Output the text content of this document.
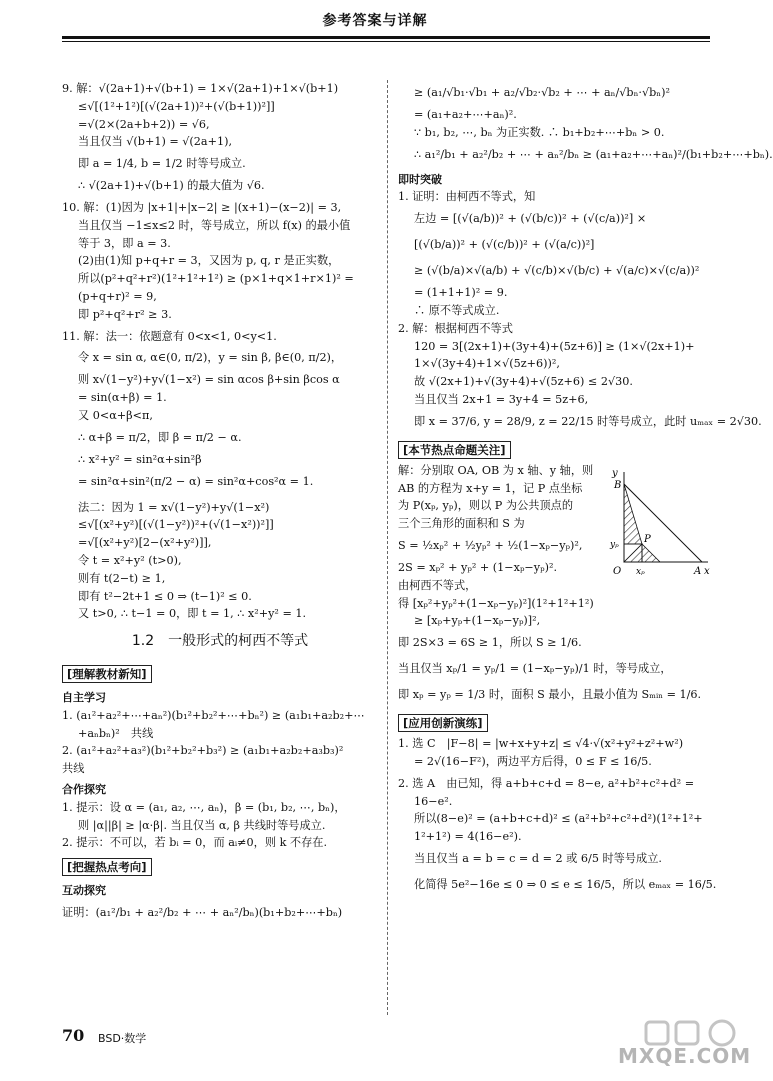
参考答案与详解
9. 解：√(2a+1)+√(b+1) = 1×√(2a+1)+1×√(b+1)
≤√[(1²+1²)[(√(2a+1))²+(√(b+1))²]]
=√(2×(2a+b+2)) = √6,
当且仅当 √(b+1) = √(2a+1),
即 a = 1/4, b = 1/2 时等号成立.
∴ √(2a+1)+√(b+1) 的最大值为 √6.
10. 解：(1)因为 |x+1|+|x−2| ≥ |(x+1)−(x−2)| = 3,
当且仅当 −1≤x≤2 时，等号成立，所以 f(x) 的最小值
等于 3，即 a = 3.
(2)由(1)知 p+q+r = 3，又因为 p, q, r 是正实数，
所以(p²+q²+r²)(1²+1²+1²) ≥ (p×1+q×1+r×1)² =
(p+q+r)² = 9,
即 p²+q²+r² ≥ 3.
11. 解：法一：依题意有 0<x<1, 0<y<1.
令 x = sin α, α∈(0, π/2)，y = sin β, β∈(0, π/2)，
则 x√(1−y²)+y√(1−x²) = sin αcos β+sin βcos α
= sin(α+β) = 1.
又 0<α+β<π,
∴ α+β = π/2，即 β = π/2 − α.
∴ x²+y² = sin²α+sin²β
= sin²α+sin²(π/2 − α) = sin²α+cos²α = 1.
法二：因为 1 = x√(1−y²)+y√(1−x²)
≤√[(x²+y²)[(√(1−y²))²+(√(1−x²))²]]
=√[(x²+y²)[2−(x²+y²)]],
令 t = x²+y² (t>0),
则有 t(2−t) ≥ 1,
即有 t²−2t+1 ≤ 0 ⇒ (t−1)² ≤ 0.
又 t>0, ∴ t−1 = 0，即 t = 1, ∴ x²+y² = 1.
1.2　一般形式的柯西不等式
[理解教材新知]
自主学习
1. (a₁²+a₂²+⋯+aₙ²)(b₁²+b₂²+⋯+bₙ²) ≥ (a₁b₁+a₂b₂+⋯
+aₙbₙ)²　共线
2. (a₁²+a₂²+a₃²)(b₁²+b₂²+b₃²) ≥ (a₁b₁+a₂b₂+a₃b₃)²
共线
合作探究
1. 提示：设 α = (a₁, a₂, ⋯, aₙ)，β = (b₁, b₂, ⋯, bₙ)，
则 |α||β| ≥ |α·β|. 当且仅当 α, β 共线时等号成立.
2. 提示：不可以，若 bᵢ = 0，而 aᵢ≠0，则 k 不存在.
[把握热点考向]
互动探究
证明：(a₁²/b₁ + a₂²/b₂ + ⋯ + aₙ²/bₙ)(b₁+b₂+⋯+bₙ)
≥ (a₁/√b₁·√b₁ + a₂/√b₂·√b₂ + ⋯ + aₙ/√bₙ·√bₙ)²
= (a₁+a₂+⋯+aₙ)².
∵ b₁, b₂, ⋯, bₙ 为正实数. ∴ b₁+b₂+⋯+bₙ > 0.
∴ a₁²/b₁ + a₂²/b₂ + ⋯ + aₙ²/bₙ ≥ (a₁+a₂+⋯+aₙ)²/(b₁+b₂+⋯+bₙ).
即时突破
1. 证明：由柯西不等式，知
左边 = [(√(a/b))² + (√(b/c))² + (√(c/a))²] ×
[(√(b/a))² + (√(c/b))² + (√(a/c))²]
≥ (√(b/a)×√(a/b) + √(c/b)×√(b/c) + √(a/c)×√(c/a))²
= (1+1+1)² = 9.
∴ 原不等式成立.
2. 解：根据柯西不等式
120 = 3[(2x+1)+(3y+4)+(5z+6)] ≥ (1×√(2x+1)+
1×√(3y+4)+1×√(5z+6))²,
故 √(2x+1)+√(3y+4)+√(5z+6) ≤ 2√30.
当且仅当 2x+1 = 3y+4 = 5z+6,
即 x = 37/6, y = 28/9, z = 22/15 时等号成立，此时 uₘₐₓ = 2√30.
[本节热点命题关注]
解：分别取 OA, OB 为 x 轴、y 轴，则
AB 的方程为 x+y = 1，记 P 点坐标
为 P(xₚ, yₚ)，则以 P 为公共顶点的
三个三角形的面积和 S 为
S = ½xₚ² + ½yₚ² + ½(1−xₚ−yₚ)²,
2S = xₚ² + yₚ² + (1−xₚ−yₚ)².
B
y
yₚ	P
O xₚ	A x
由柯西不等式，
得 [xₚ²+yₚ²+(1−xₚ−yₚ)²](1²+1²+1²)
≥ [xₚ+yₚ+(1−xₚ−yₚ)]²,
即 2S×3 = 6S ≥ 1，所以 S ≥ 1/6.
当且仅当 xₚ/1 = yₚ/1 = (1−xₚ−yₚ)/1 时，等号成立，
即 xₚ = yₚ = 1/3 时，面积 S 最小，且最小值为 Sₘᵢₙ = 1/6.
[应用创新演练]
1. 选 C　|F−8| = |w+x+y+z| ≤ √4·√(x²+y²+z²+w²)
= 2√(16−F²)，两边平方后得，0 ≤ F ≤ 16/5.
2. 选 A　由已知，得 a+b+c+d = 8−e, a²+b²+c²+d² =
16−e².
所以(8−e)² = (a+b+c+d)² ≤ (a²+b²+c²+d²)(1²+1²+
1²+1²) = 4(16−e²).
当且仅当 a = b = c = d = 2 或 6/5 时等号成立.
化简得 5e²−16e ≤ 0 ⇒ 0 ≤ e ≤ 16/5，所以 eₘₐₓ = 16/5.
70 BSD·数学
MXQE.COM
